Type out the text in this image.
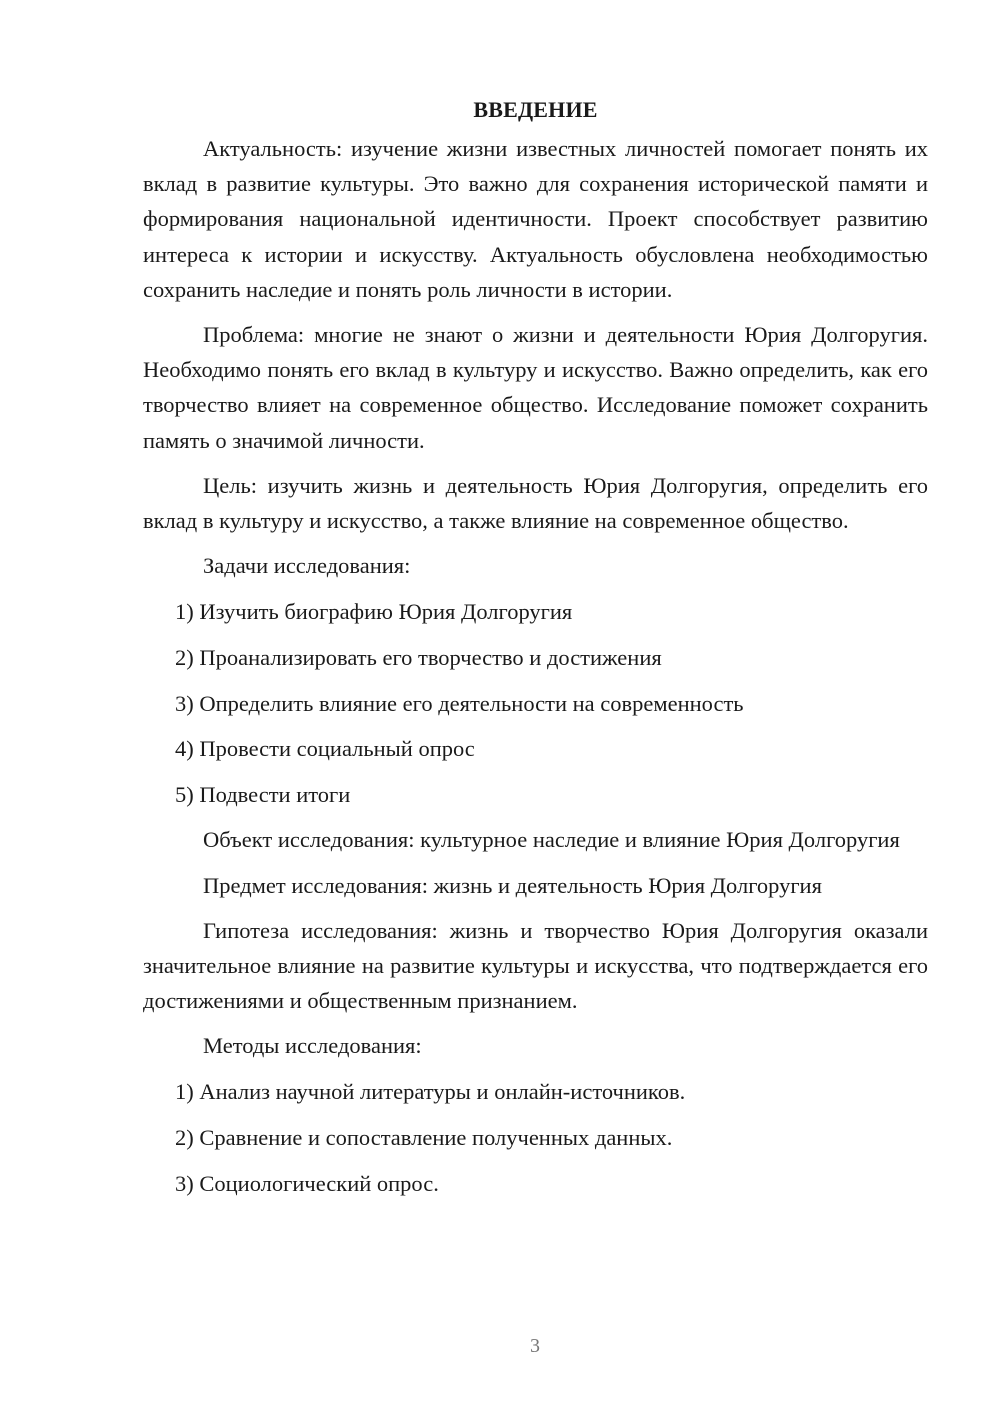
ВВЕДЕНИЕ

Актуальность: изучение жизни известных личностей помогает понять их вклад в развитие культуры. Это важно для сохранения исторической памяти и формирования национальной идентичности. Проект способствует развитию интереса к истории и искусству. Актуальность обусловлена необходимостью сохранить наследие и понять роль личности в истории.

Проблема: многие не знают о жизни и деятельности Юрия Долгоругия. Необходимо понять его вклад в культуру и искусство. Важно определить, как его творчество влияет на современное общество. Исследование поможет сохранить память о значимой личности.

Цель: изучить жизнь и деятельность Юрия Долгоругия, определить его вклад в культуру и искусство, а также влияние на современное общество.

Задачи исследования:

1) Изучить биографию Юрия Долгоругия
2) Проанализировать его творчество и достижения
3) Определить влияние его деятельности на современность
4) Провести социальный опрос
5) Подвести итоги

Объект исследования: культурное наследие и влияние Юрия Долгоругия

Предмет исследования: жизнь и деятельность Юрия Долгоругия

Гипотеза исследования: жизнь и творчество Юрия Долгоругия оказали значительное влияние на развитие культуры и искусства, что подтверждается его достижениями и общественным признанием.

Методы исследования:

1) Анализ научной литературы и онлайн-источников.
2) Сравнение и сопоставление полученных данных.
3) Социологический опрос.
3
